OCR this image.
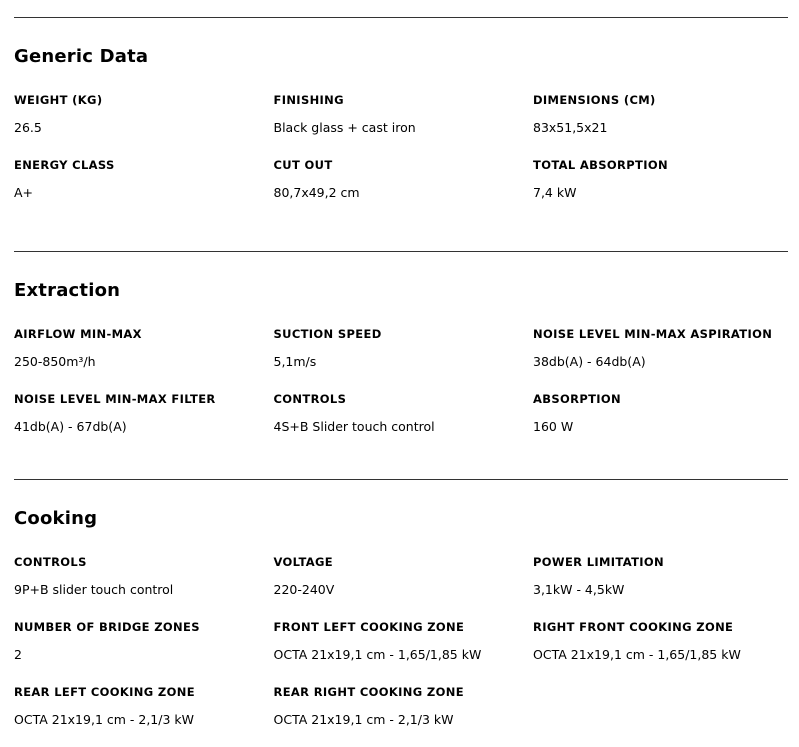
Generic Data

WEIGHT (KG)

26.5

FINISHING

Black glass + cast iron

DIMENSIONS (CM)

83x51,5x21

ENERGY CLASS

A+

CUT OUT

80,7x49,2 cm

TOTAL ABSORPTION

7,4 kW

Extraction

AIRFLOW MIN-MAX

250-850m³/h

SUCTION SPEED

5,1m/s

NOISE LEVEL MIN-MAX ASPIRATION

38db(A) - 64db(A)

NOISE LEVEL MIN-MAX FILTER

41db(A) - 67db(A)

CONTROLS

4S+B Slider touch control

ABSORPTION

160 W

Cooking

CONTROLS

9P+B slider touch control

VOLTAGE

220-240V

POWER LIMITATION

3,1kW - 4,5kW

NUMBER OF BRIDGE ZONES

2

FRONT LEFT COOKING ZONE

OCTA 21x19,1 cm - 1,65/1,85 kW

RIGHT FRONT COOKING ZONE

OCTA 21x19,1 cm - 1,65/1,85 kW

REAR LEFT COOKING ZONE

OCTA 21x19,1 cm - 2,1/3 kW

REAR RIGHT COOKING ZONE

OCTA 21x19,1 cm - 2,1/3 kW
